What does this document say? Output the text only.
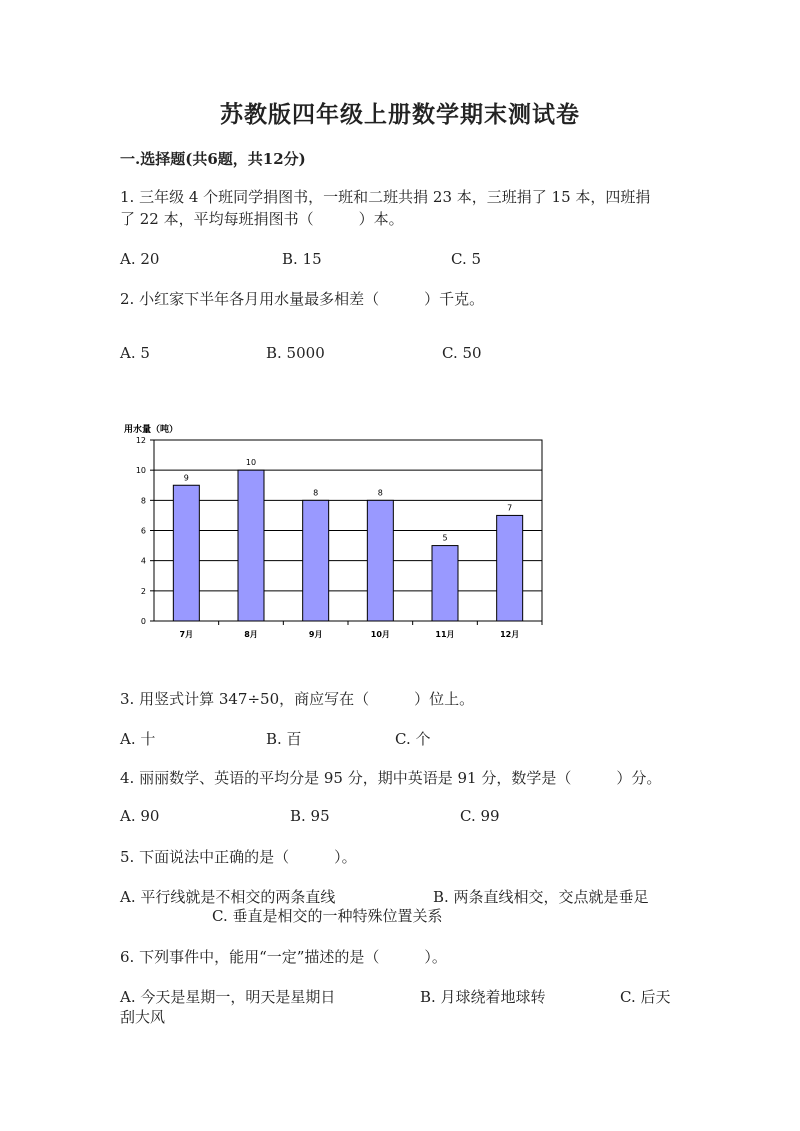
苏教版四年级上册数学期末测试卷
一.选择题(共6题，共12分)
1. 三年级 4 个班同学捐图书，一班和二班共捐 23 本，三班捐了 15 本，四班捐
了 22 本，平均每班捐图书（　　　）本。
A. 20	B. 15	C. 5
2. 小红家下半年各月用水量最多相差（　　　）千克。
A. 5	B. 5000	C. 50
用水量（吨）
0
2
4
6
8
10
12
9
7月
10
8月
8
9月
8
10月
5
11月
7
12月
3. 用竖式计算 347÷50，商应写在（　　　）位上。
A. 十	B. 百	C. 个
4. 丽丽数学、英语的平均分是 95 分，期中英语是 91 分，数学是（　　　）分。
A. 90	B. 95	C. 99
5. 下面说法中正确的是（　　　）。
A. 平行线就是不相交的两条直线	B. 两条直线相交，交点就是垂足
C. 垂直是相交的一种特殊位置关系
6. 下列事件中，能用“一定”描述的是（　　　）。
A. 今天是星期一，明天是星期日	B. 月球绕着地球转	C. 后天
刮大风
